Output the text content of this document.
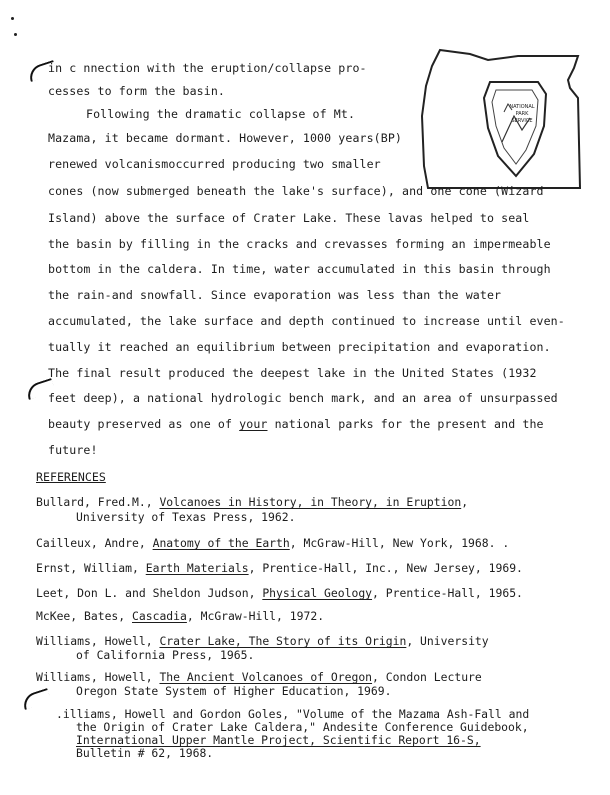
NATIONAL
PARK
SERVICE
in c nnection with the eruption/collapse pro-
cesses to form the basin.
Following the dramatic collapse of Mt.
Mazama, it became dormant. However, 1000 years(BP)
renewed volcanismoccurred producing two smaller
cones (now submerged beneath the lake's surface), and one cone (Wizard
Island) above the surface of Crater Lake. These lavas helped to seal
the basin by filling in the cracks and crevasses forming an impermeable
bottom in the caldera. In time, water accumulated in this basin through
the rain-and snowfall. Since evaporation was less than the water
accumulated, the lake surface and depth continued to increase until even-
tually it reached an equilibrium between precipitation and evaporation.
The final result produced the deepest lake in the United States (1932
feet deep), a national hydrologic bench mark, and an area of unsurpassed
beauty preserved as one of your national parks for the present and the
future!
REFERENCES
Bullard, Fred.M., Volcanoes in History, in Theory, in Eruption,
University of Texas Press, 1962.
Cailleux, Andre, Anatomy of the Earth, McGraw-Hill, New York, 1968. .
Ernst, William, Earth Materials, Prentice-Hall, Inc., New Jersey, 1969.
Leet, Don L. and Sheldon Judson, Physical Geology, Prentice-Hall, 1965.
McKee, Bates, Cascadia, McGraw-Hill, 1972.
Williams, Howell, Crater Lake, The Story of its Origin, University
of California Press, 1965.
Williams, Howell, The Ancient Volcanoes of Oregon, Condon Lecture
Oregon State System of Higher Education, 1969.
.illiams, Howell and Gordon Goles, "Volume of the Mazama Ash-Fall and
the Origin of Crater Lake Caldera," Andesite Conference Guidebook,
International Upper Mantle Project, Scientific Report 16-S,
Bulletin # 62, 1968.
